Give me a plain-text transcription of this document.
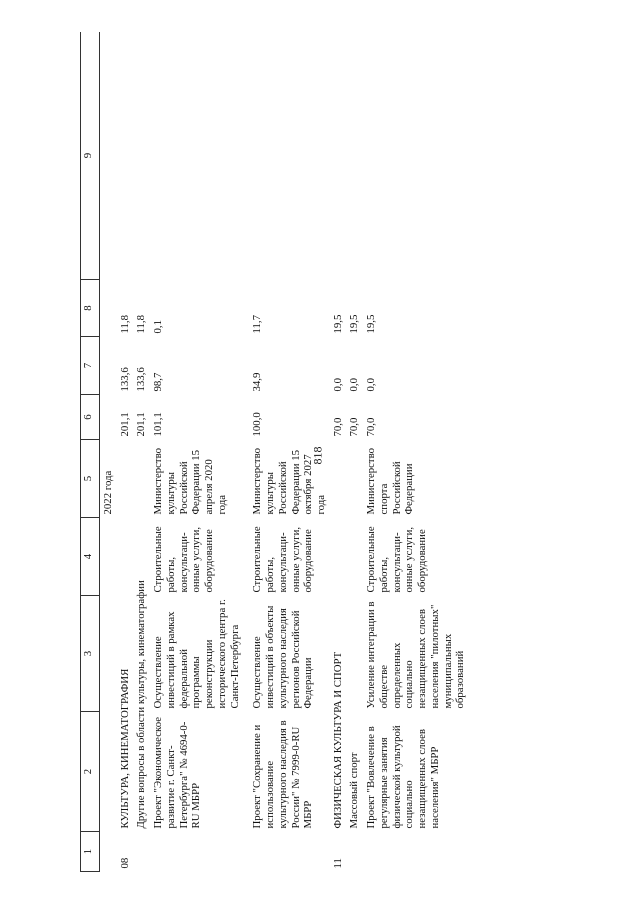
818
1	2	3	4	5	6	7	8	9
				2022 года				
08	КУЛЬТУРА, КИНЕМАТОГРАФИЯ				201,1	133,6	11,8	
	Другие вопросы в области культуры, кинематографии				201,1	133,6	11,8	
	Проект "Экономическое развитие г. Санкт-Петербурга" № 4694-0-RU МБРР	Осуществление инвестиций в рамках федеральной программы реконструкции исторического центра г. Санкт-Петербурга	Строительные работы, консультаци-онные услуги, оборудование	Министерство культуры Российской Федерации 15 апреля 2020 года	101,1	98,7	0,1	

	Проект "Сохранение и использование культурного наследия в России" № 7999-0-RU МБРР	Осуществление инвестиций в объекты культурного наследия регионов Российской Федерации	Строительные работы, консультаци-онные услуги, оборудование	Министерство культуры Российской Федерации 15 октября 2027 года	100,0	34,9	11,7	
11	ФИЗИЧЕСКАЯ КУЛЬТУРА И СПОРТ				70,0	0,0	19,5	
	Массовый спорт				70,0	0,0	19,5	
	Проект "Вовлечение в регулярные занятия физической культурой социально незащищенных слоев населения" МБРР	Усиление интеграции в обществе определенных социально незащищенных слоев населения "пилотных" муниципальных образований	Строительные работы, консультаци-онные услуги, оборудование	Министерство спорта Российской Федерации	70,0	0,0	19,5	
